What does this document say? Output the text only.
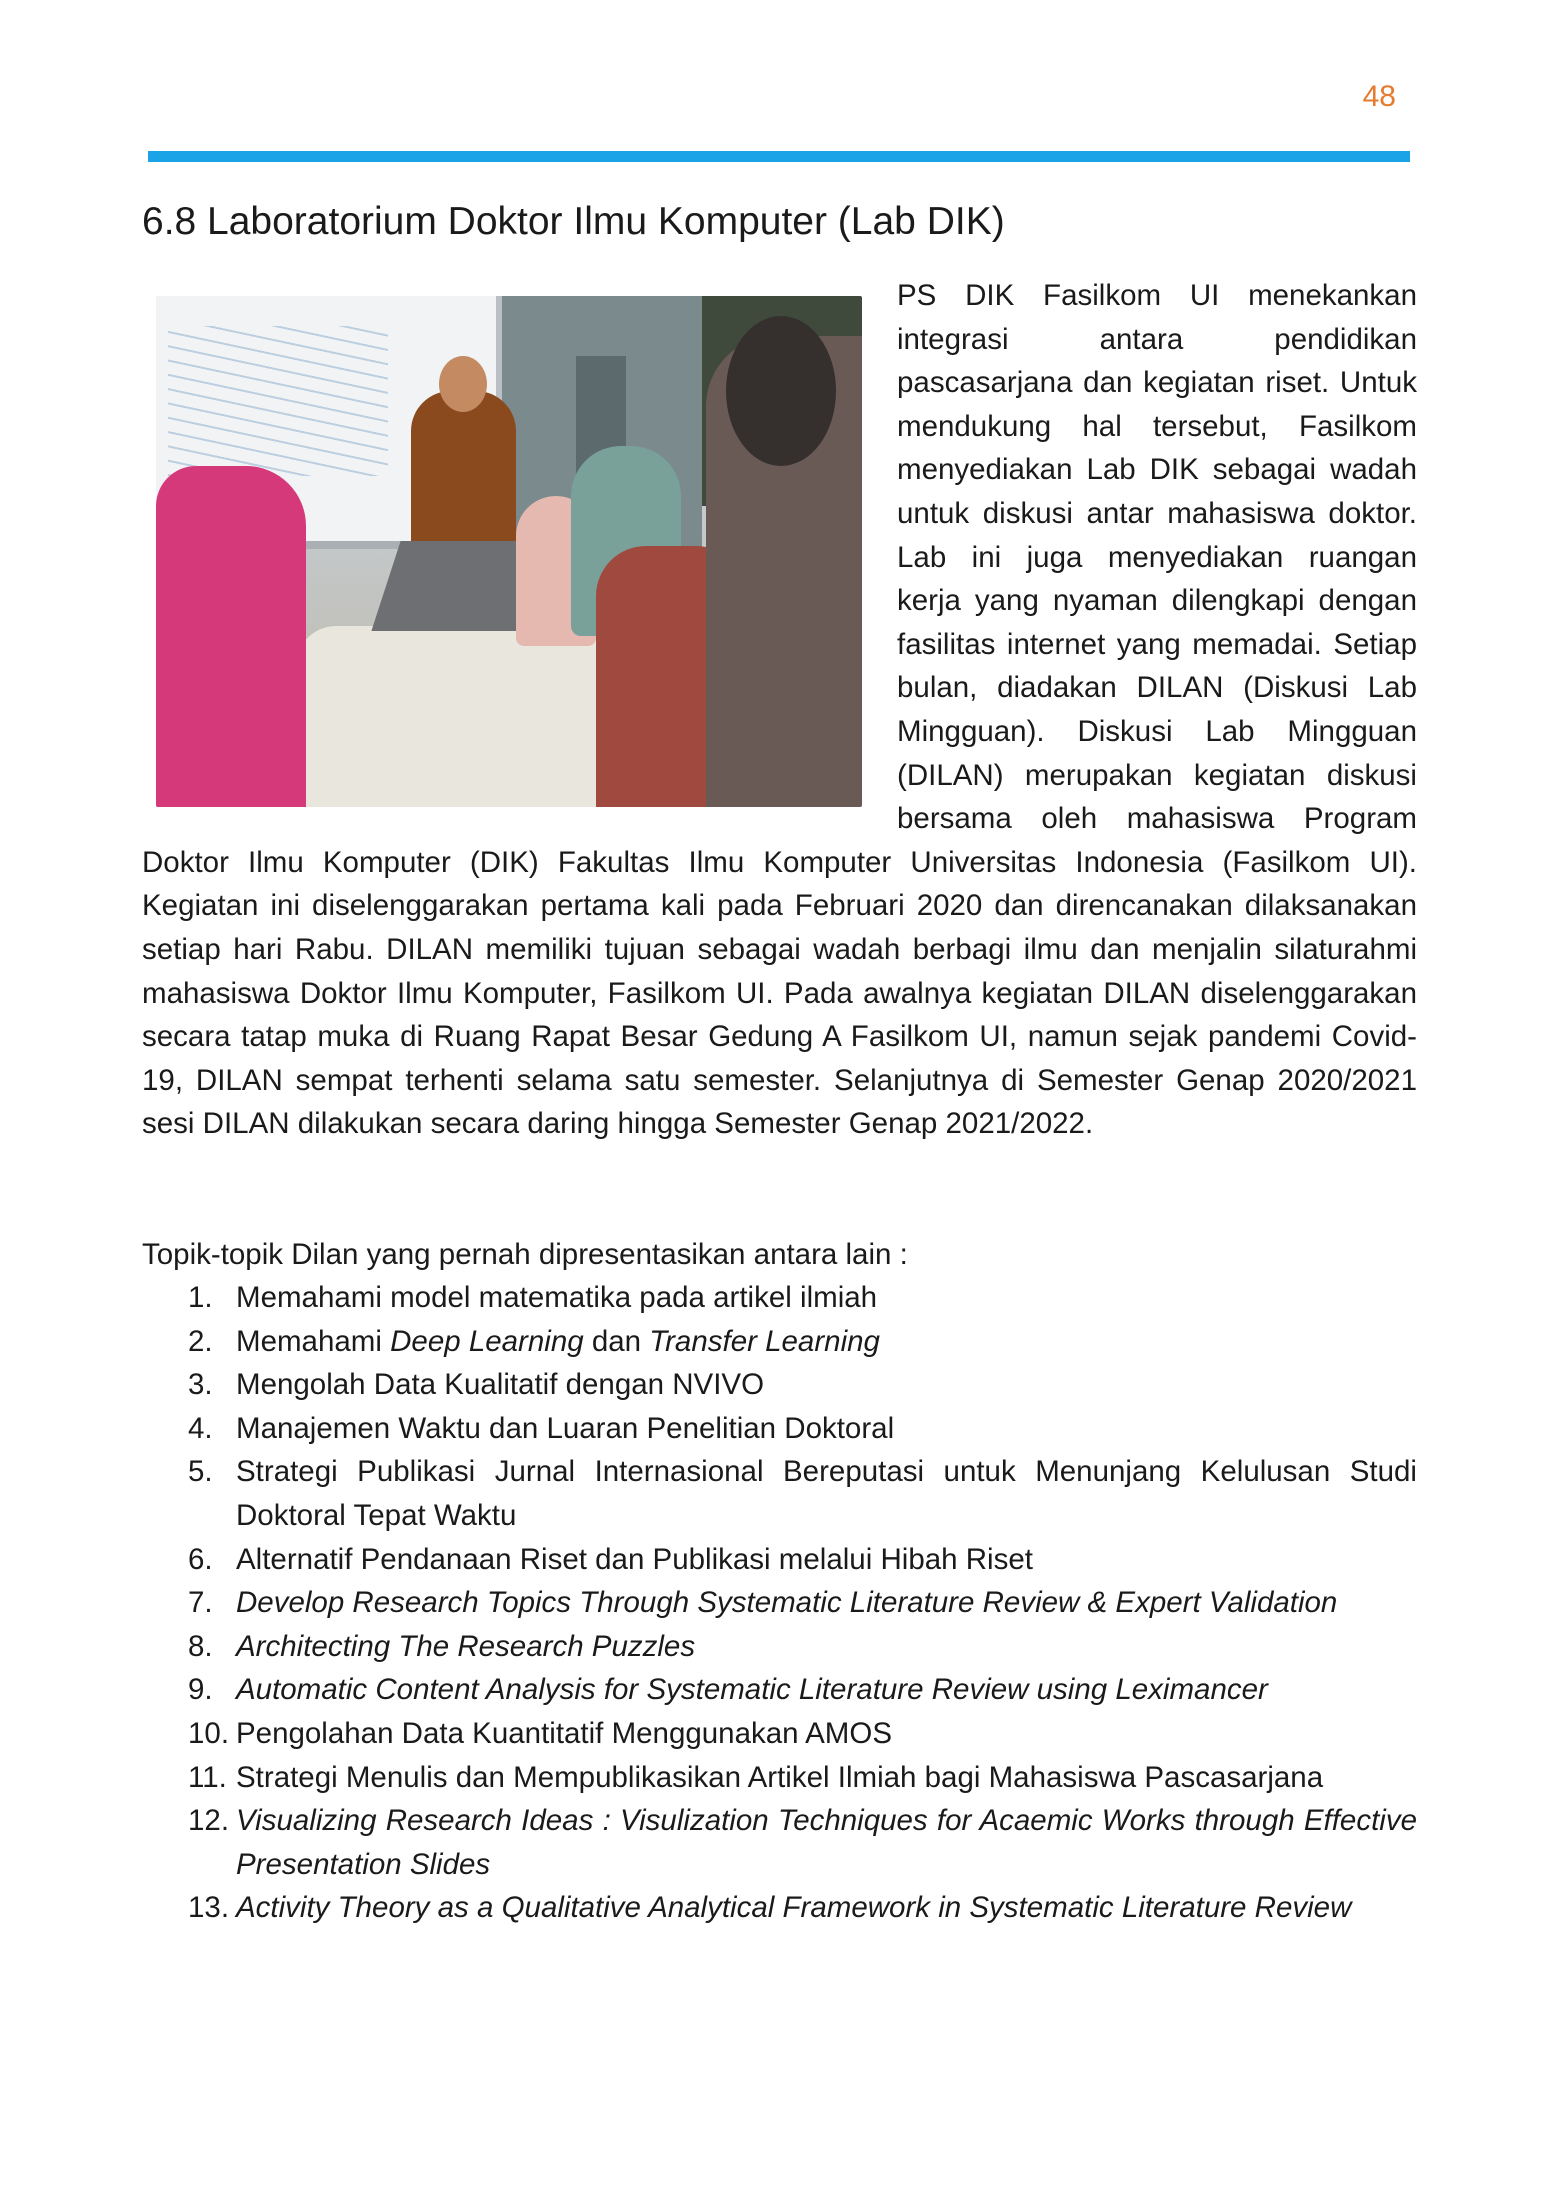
48
6.8 Laboratorium Doktor Ilmu Komputer (Lab DIK)
PS DIK Fasilkom UI menekankan integrasi antara pendidikan pascasarjana dan kegiatan riset. Untuk mendukung hal tersebut, Fasilkom menyediakan Lab DIK sebagai wadah untuk diskusi antar mahasiswa doktor. Lab ini juga menyediakan ruangan kerja yang nyaman dilengkapi dengan fasilitas internet yang memadai. Setiap bulan, diadakan DILAN (Diskusi Lab Mingguan). Diskusi Lab Mingguan (DILAN) merupakan kegiatan diskusi bersama oleh mahasiswa Program Doktor Ilmu Komputer (DIK) Fakultas Ilmu Komputer Universitas Indonesia (Fasilkom UI). Kegiatan ini diselenggarakan pertama kali pada Februari 2020 dan direncanakan dilaksanakan setiap hari Rabu. DILAN memiliki tujuan sebagai wadah berbagi ilmu dan menjalin silaturahmi mahasiswa Doktor Ilmu Komputer, Fasilkom UI. Pada awalnya kegiatan DILAN diselenggarakan secara tatap muka di Ruang Rapat Besar Gedung A Fasilkom UI, namun sejak pandemi Covid-19, DILAN sempat terhenti selama satu semester. Selanjutnya di Semester Genap 2020/2021 sesi DILAN dilakukan secara daring hingga Semester Genap 2021/2022.
Topik-topik Dilan yang pernah dipresentasikan antara lain :
1. Memahami model matematika pada artikel ilmiah
2. Memahami Deep Learning dan Transfer Learning
3. Mengolah Data Kualitatif dengan NVIVO
4. Manajemen Waktu dan Luaran Penelitian Doktoral
5. Strategi Publikasi Jurnal Internasional Bereputasi untuk Menunjang Kelulusan Studi Doktoral Tepat Waktu
6. Alternatif Pendanaan Riset dan Publikasi melalui Hibah Riset
7. Develop Research Topics Through Systematic Literature Review & Expert Validation
8. Architecting The Research Puzzles
9. Automatic Content Analysis for Systematic Literature Review using Leximancer
10. Pengolahan Data Kuantitatif Menggunakan AMOS
11. Strategi Menulis dan Mempublikasikan Artikel Ilmiah bagi Mahasiswa Pascasarjana
12. Visualizing Research Ideas : Visulization Techniques for Acaemic Works through Effective Presentation Slides
13. Activity Theory as a Qualitative Analytical Framework in Systematic Literature Review
